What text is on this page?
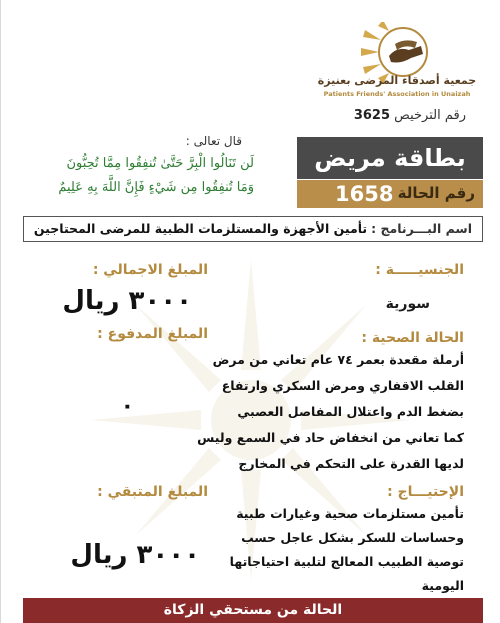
جمعية أصدقاء المرضى بعنيزة
Patients Friends' Association in Unaizah
رقم الترخيص 3625
قال تعالى :
لَن تَنَالُوا الْبِرَّ حَتَّىٰ تُنفِقُوا مِمَّا تُحِبُّونَ
وَمَا تُنفِقُوا مِن شَيْءٍ فَإِنَّ اللَّهَ بِهِ عَلِيمٌ
بطاقة مريض
رقم الحالة :
1658
اسم البـــرنامج : تأمين الأجهزة والمستلزمات الطبية للمرضى المحتاجين
الجنسيـــــة :
سورية
الحالة الصحية :
أرملة مقعدة بعمر ٧٤ عام تعاني من مرض
القلب الاقفاري ومرض السكري وارتفاع
بضغط الدم واعتلال المفاصل العصبي
كما تعاني من انخفاض حاد في السمع وليس
لديها القدرة على التحكم في المخارج
الإحتيـــاج :
تأمين مستلزمات صحية وغيارات طبية
وحساسات للسكر بشكل عاجل حسب
توصية الطبيب المعالج لتلبية احتياجاتها
اليومية
المبلغ الاجمالي :
٣٠٠٠ ريال
المبلغ المدفوع :
٠
المبلغ المتبقي :
٣٠٠٠ ريال
الحالة من مستحقي الزكاة
